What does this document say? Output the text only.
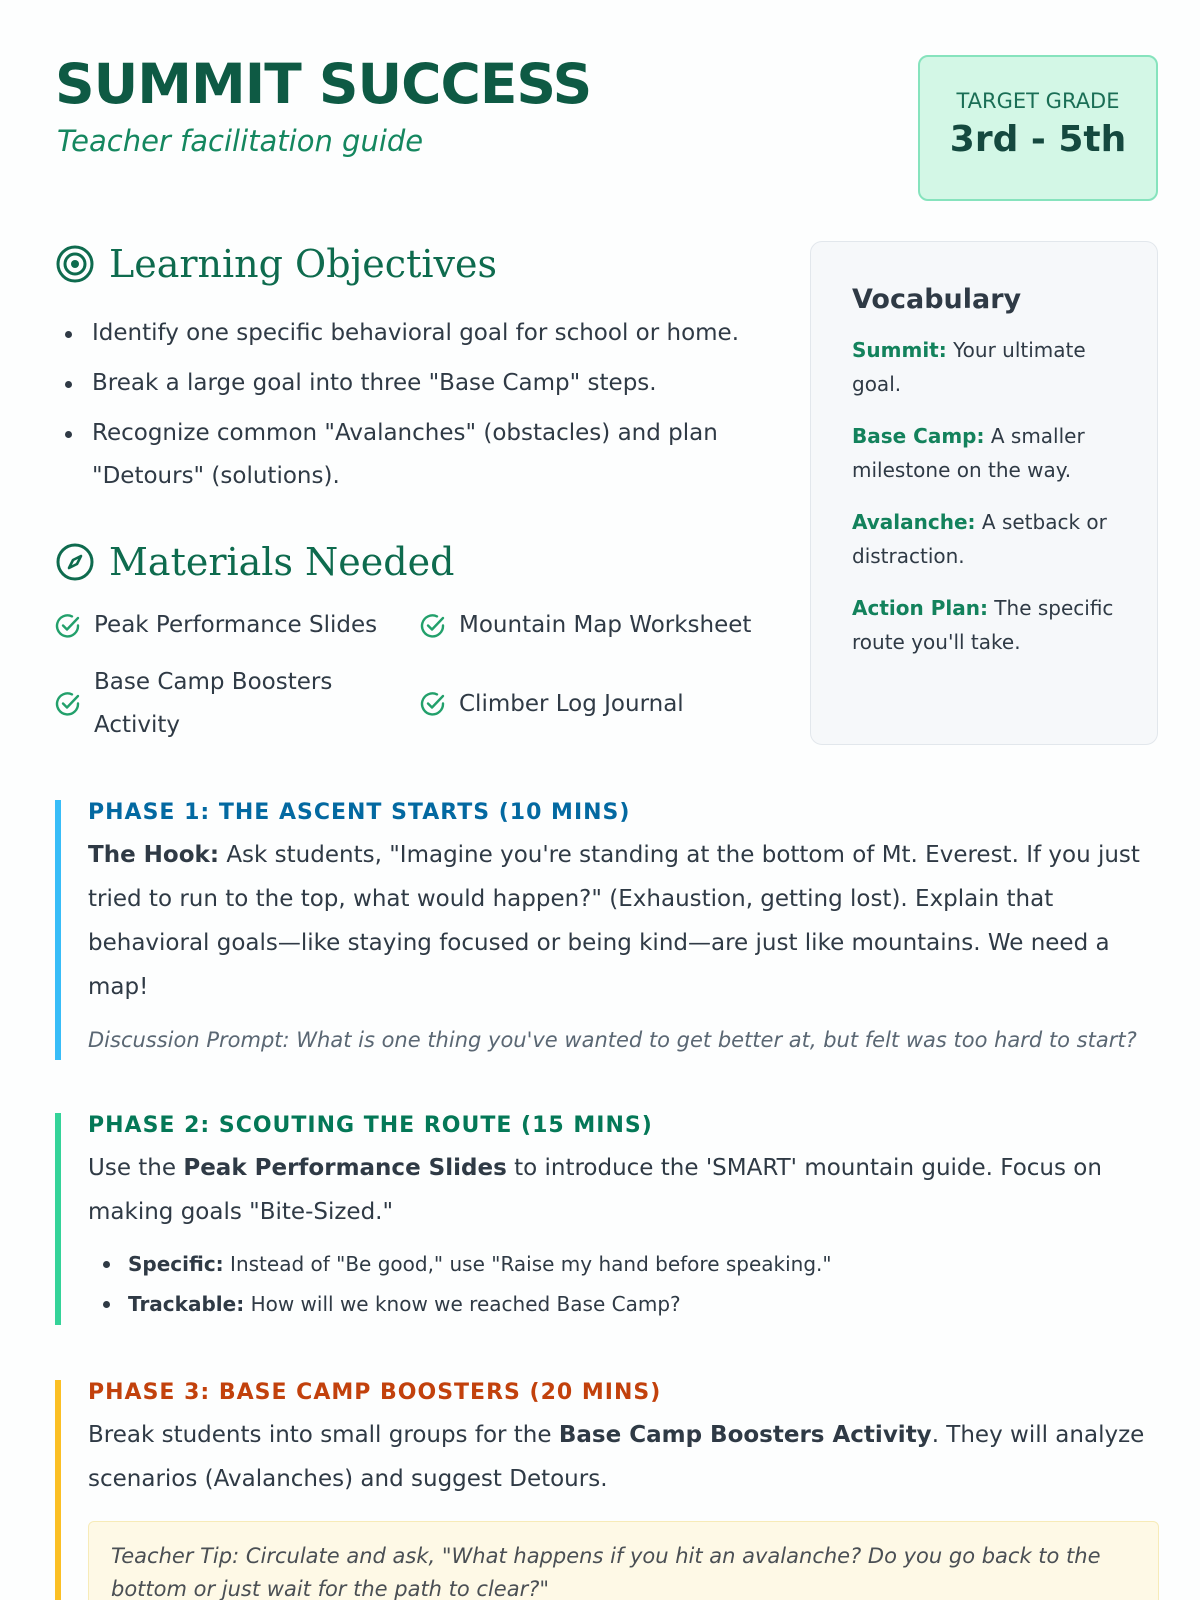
SUMMIT SUCCESS
Teacher facilitation guide
TARGET GRADE
3rd - 5th
Learning Objectives
Identify one specific behavioral goal for school or home.
Break a large goal into three "Base Camp" steps.
Recognize common "Avalanches" (obstacles) and plan "Detours" (solutions).
Materials Needed
Peak Performance Slides	Mountain Map Worksheet
Base Camp Boosters Activity
Climber Log Journal
Vocabulary
Summit: Your ultimate goal.
Base Camp: A smaller milestone on the way.
Avalanche: A setback or distraction.
Action Plan: The specific route you'll take.
PHASE 1: THE ASCENT STARTS (10 MINS)

The Hook: Ask students, "Imagine you're standing at the bottom of Mt. Everest. If you just tried to run to the top, what would happen?" (Exhaustion, getting lost). Explain that behavioral goals—like staying focused or being kind—are just like mountains. We need a map!

Discussion Prompt: What is one thing you've wanted to get better at, but felt was too hard to start?
PHASE 2: SCOUTING THE ROUTE (15 MINS)

Use the Peak Performance Slides to introduce the 'SMART' mountain guide. Focus on making goals "Bite-Sized."

Specific: Instead of "Be good," use "Raise my hand before speaking."
Trackable: How will we know we reached Base Camp?
PHASE 3: BASE CAMP BOOSTERS (20 MINS)

Break students into small groups for the Base Camp Boosters Activity. They will analyze scenarios (Avalanches) and suggest Detours.

Teacher Tip: Circulate and ask, "What happens if you hit an avalanche? Do you go back to the bottom or just wait for the path to clear?"
